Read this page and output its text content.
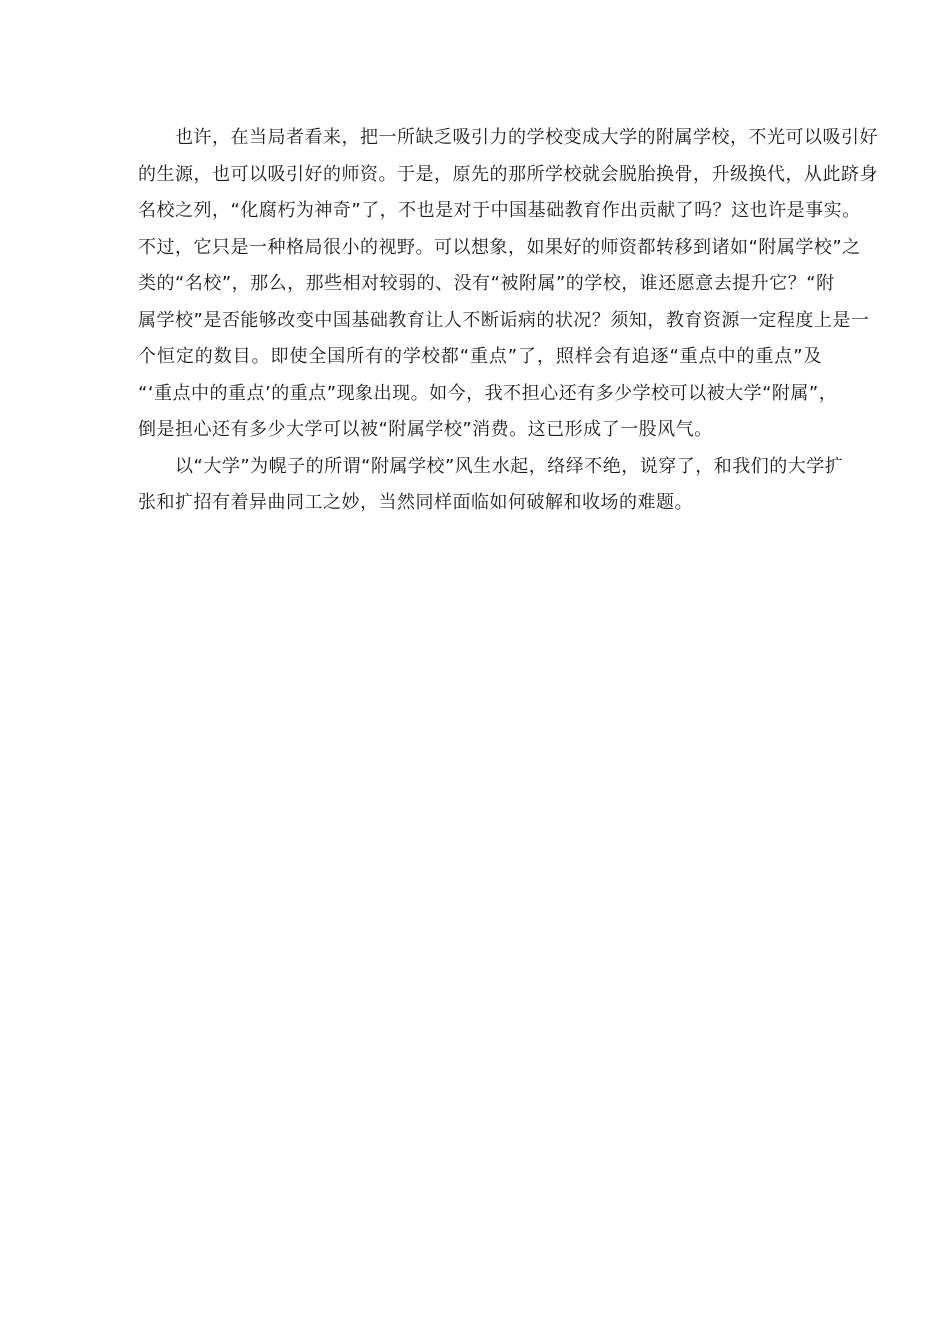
　　也许，在当局者看来，把一所缺乏吸引力的学校变成大学的附属学校，不光可以吸引好
的生源，也可以吸引好的师资。于是，原先的那所学校就会脱胎换骨，升级换代，从此跻身
名校之列，“化腐朽为神奇”了，不也是对于中国基础教育作出贡献了吗？这也许是事实。
不过，它只是一种格局很小的视野。可以想象，如果好的师资都转移到诸如“附属学校”之
类的“名校”，那么，那些相对较弱的、没有“被附属”的学校，谁还愿意去提升它？“附
属学校”是否能够改变中国基础教育让人不断诟病的状况？须知，教育资源一定程度上是一
个恒定的数目。即使全国所有的学校都“重点”了，照样会有追逐“重点中的重点”及
“‘重点中的重点’的重点”现象出现。如今，我不担心还有多少学校可以被大学“附属”，
倒是担心还有多少大学可以被“附属学校”消费。这已形成了一股风气。
　　以“大学”为幌子的所谓“附属学校”风生水起，络绎不绝，说穿了，和我们的大学扩
张和扩招有着异曲同工之妙，当然同样面临如何破解和收场的难题。
